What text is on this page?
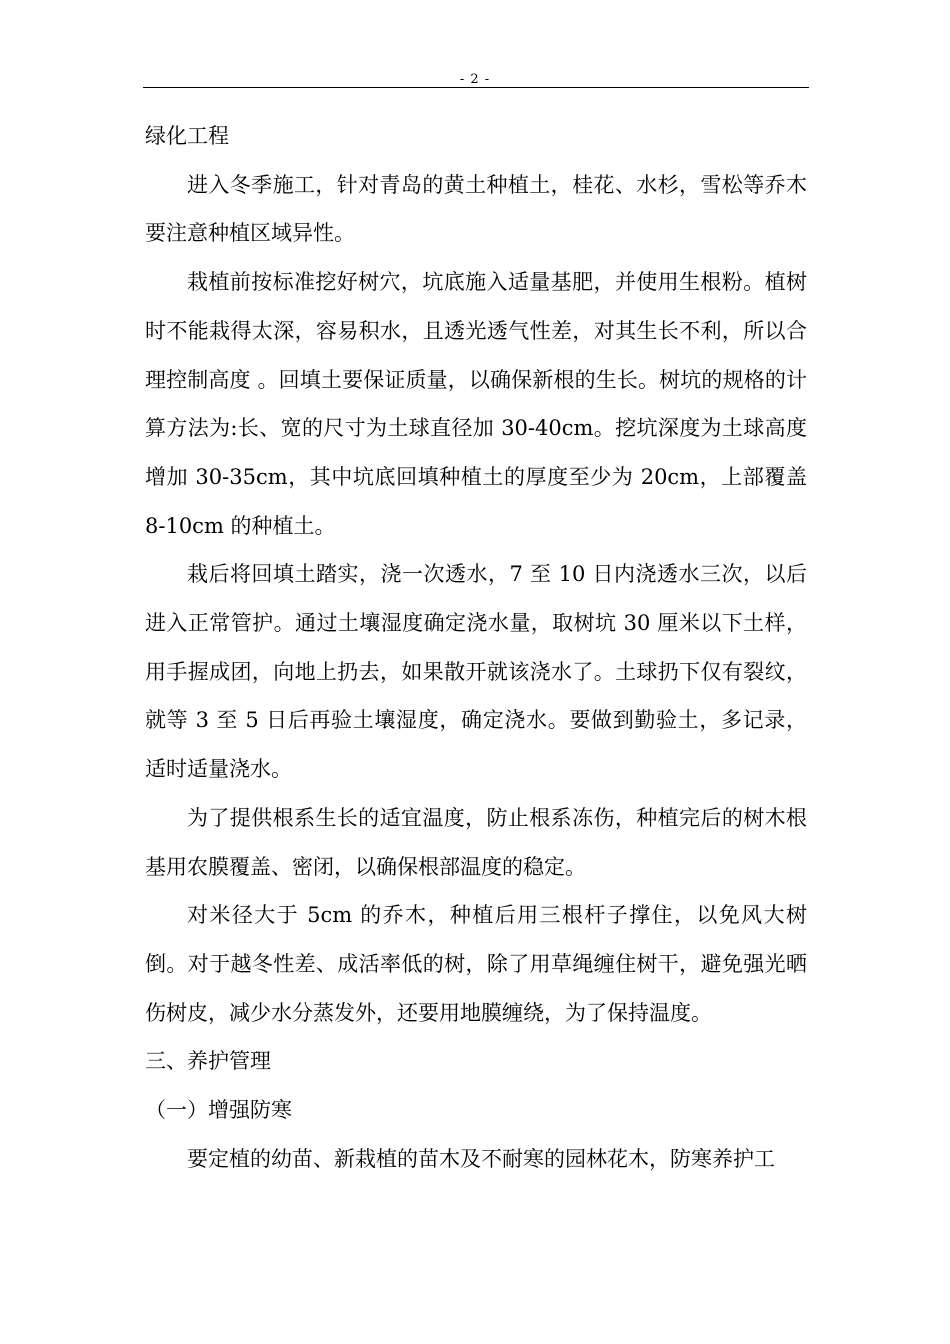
- 2 -

绿化工程

进入冬季施工，针对青岛的黄土种植土，桂花、水杉，雪松等乔木要注意种植区域异性。

栽植前按标准挖好树穴，坑底施入适量基肥，并使用生根粉。植树时不能栽得太深，容易积水，且透光透气性差，对其生长不利，所以合理控制高度 。回填土要保证质量，以确保新根的生长。树坑的规格的计算方法为:长、宽的尺寸为土球直径加 30-40cm。挖坑深度为土球高度增加 30-35cm，其中坑底回填种植土的厚度至少为 20cm，上部覆盖 8-10cm 的种植土。

栽后将回填土踏实，浇一次透水，7 至 10 日内浇透水三次，以后进入正常管护。通过土壤湿度确定浇水量，取树坑 30 厘米以下土样，用手握成团，向地上扔去，如果散开就该浇水了。土球扔下仅有裂纹，就等 3 至 5 日后再验土壤湿度，确定浇水。要做到勤验土，多记录，适时适量浇水。

为了提供根系生长的适宜温度，防止根系冻伤，种植完后的树木根基用农膜覆盖、密闭，以确保根部温度的稳定。

对米径大于 5cm 的乔木，种植后用三根杆子撑住，以免风大树倒。对于越冬性差、成活率低的树，除了用草绳缠住树干，避免强光晒伤树皮，减少水分蒸发外，还要用地膜缠绕，为了保持温度。

三、养护管理

（一）增强防寒

要定植的幼苗、新栽植的苗木及不耐寒的园林花木，防寒养护工
